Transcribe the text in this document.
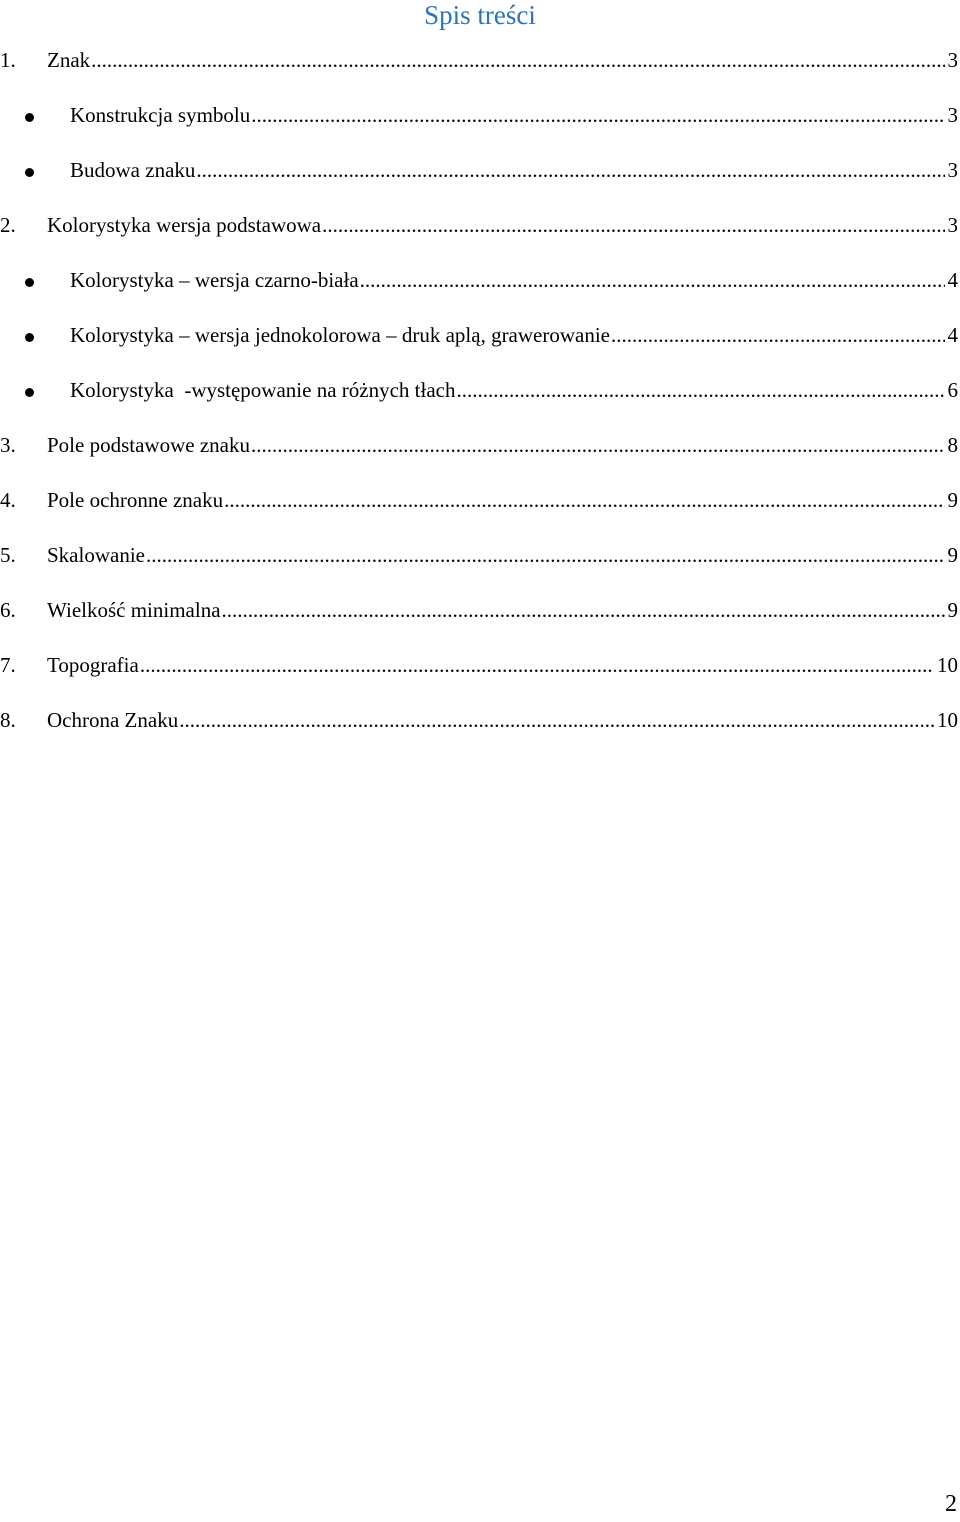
Spis treści
1. Znak .....	3
Konstrukcja symbolu .....	3
Budowa znaku .....	3
2. Kolorystyka wersja podstawowa .....	3
Kolorystyka – wersja czarno-biała .....	4
Kolorystyka – wersja jednokolorowa – druk aplą, grawerowanie .....	4
Kolorystyka  -występowanie na różnych tłach .....	6
3. Pole podstawowe znaku .....	8
4. Pole ochronne znaku .....	9
5. Skalowanie .....	9
6. Wielkość minimalna .....	9
7. Topografia .....	10
8. Ochrona Znaku .....	10
2
